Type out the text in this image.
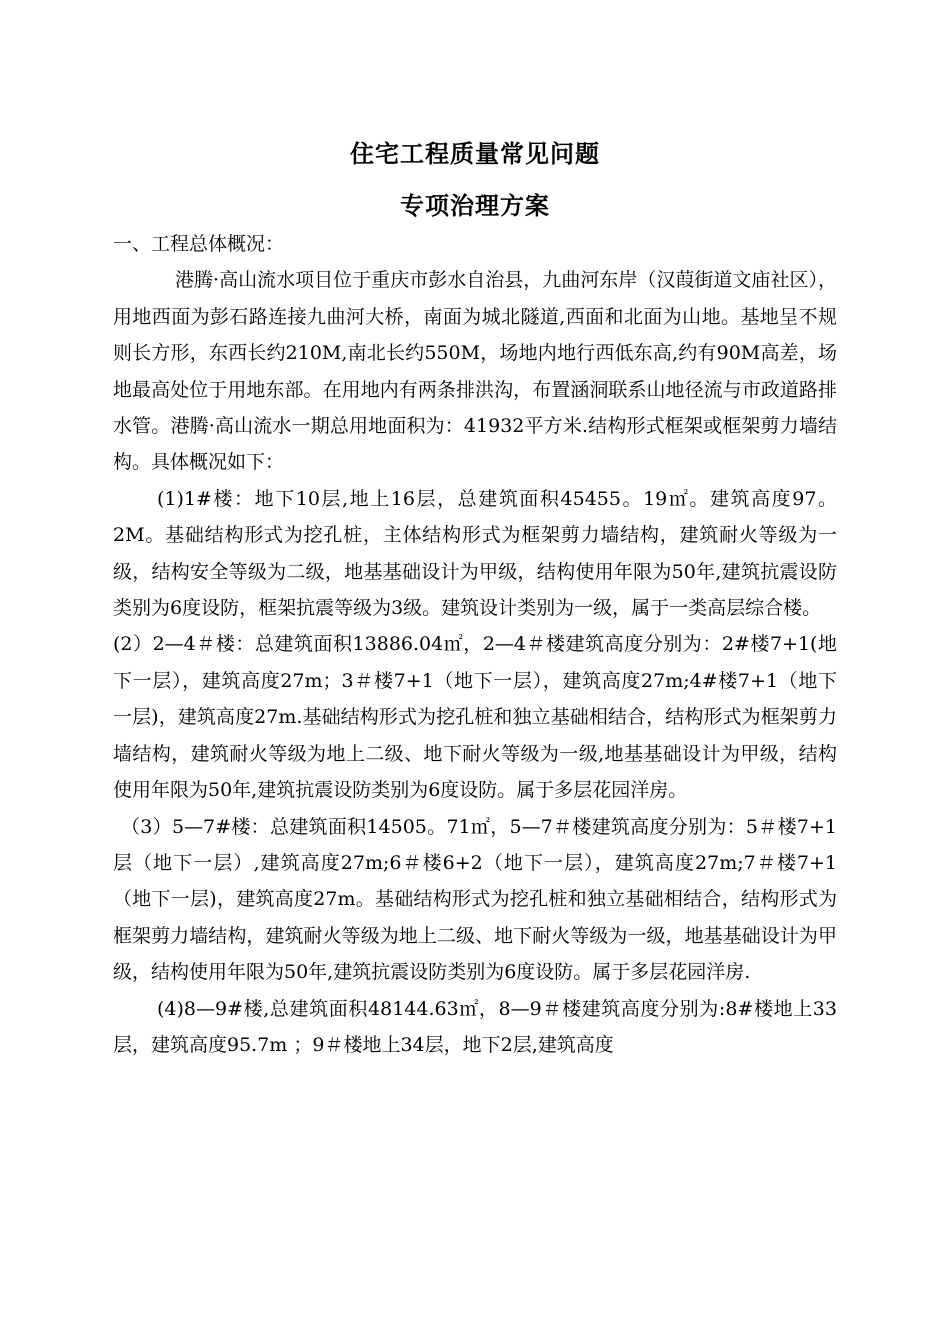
住宅工程质量常见问题
专项治理方案

一、工程总体概况：

港腾·高山流水项目位于重庆市彭水自治县，九曲河东岸（汉葭街道文庙社区），用地西面为彭石路连接九曲河大桥，南面为城北隧道,西面和北面为山地。基地呈不规则长方形，东西长约210M,南北长约550M，场地内地行西低东高,约有90M高差，场地最高处位于用地东部。在用地内有两条排洪沟，布置涵洞联系山地径流与市政道路排水管。港腾·高山流水一期总用地面积为：41932平方米.结构形式框架或框架剪力墙结构。具体概况如下：

(1)1#楼：地下10层,地上16层，总建筑面积45455。19㎡。建筑高度97。2M。基础结构形式为挖孔桩，主体结构形式为框架剪力墙结构，建筑耐火等级为一级，结构安全等级为二级，地基基础设计为甲级，结构使用年限为50年,建筑抗震设防类别为6度设防，框架抗震等级为3级。建筑设计类别为一级，属于一类高层综合楼。

(2）2—4＃楼：总建筑面积13886.04㎡，2—4＃楼建筑高度分别为：2#楼7+1(地下一层），建筑高度27m；3＃楼7+1（地下一层），建筑高度27m;4#楼7+1（地下一层)，建筑高度27m.基础结构形式为挖孔桩和独立基础相结合，结构形式为框架剪力墙结构，建筑耐火等级为地上二级、地下耐火等级为一级,地基基础设计为甲级，结构使用年限为50年,建筑抗震设防类别为6度设防。属于多层花园洋房。

（3）5—7#楼：总建筑面积14505。71㎡，5—7＃楼建筑高度分别为：5＃楼7+1层（地下一层）,建筑高度27m;6＃楼6+2（地下一层），建筑高度27m;7＃楼7+1（地下一层)，建筑高度27m。基础结构形式为挖孔桩和独立基础相结合，结构形式为框架剪力墙结构，建筑耐火等级为地上二级、地下耐火等级为一级，地基基础设计为甲级，结构使用年限为50年,建筑抗震设防类别为6度设防。属于多层花园洋房.

(4)8—9#楼,总建筑面积48144.63㎡，8—9＃楼建筑高度分别为:8#楼地上33层，建筑高度95.7m ；9＃楼地上34层，地下2层,建筑高度
